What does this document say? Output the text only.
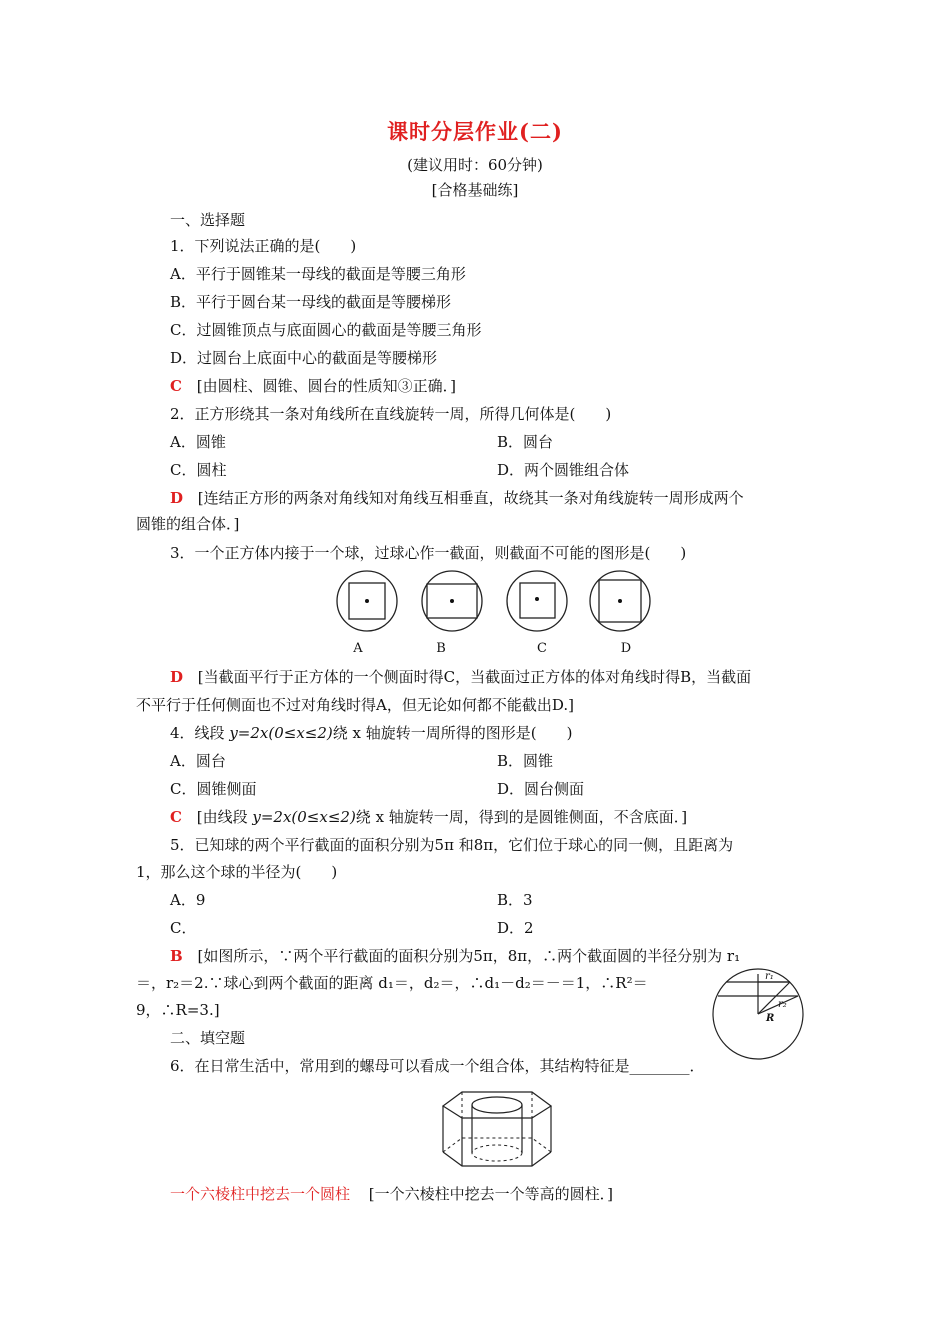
课时分层作业(二)
(建议用时：60分钟)
[合格基础练]
一、选择题
1．下列说法正确的是(　　)
A．平行于圆锥某一母线的截面是等腰三角形
B．平行于圆台某一母线的截面是等腰梯形
C．过圆锥顶点与底面圆心的截面是等腰三角形
D．过圆台上底面中心的截面是等腰梯形
C [由圆柱、圆锥、圆台的性质知③正确．]
2．正方形绕其一条对角线所在直线旋转一周，所得几何体是(　　)
A．圆锥	B．圆台
C．圆柱	D．两个圆锥组合体
D [连结正方形的两条对角线知对角线互相垂直，故绕其一条对角线旋转一周形成两个
圆锥的组合体．]
3．一个正方体内接于一个球，过球心作一截面，则截面不可能的图形是(　　)
A	B	C	D
D [当截面平行于正方体的一个侧面时得C，当截面过正方体的体对角线时得B，当截面
不平行于任何侧面也不过对角线时得A，但无论如何都不能截出D.]
4．线段 y=2x(0≤x≤2)绕 x 轴旋转一周所得的图形是(　　)
A．圆台	B．圆锥
C．圆锥侧面	D．圆台侧面
C [由线段 y=2x(0≤x≤2)绕 x 轴旋转一周，得到的是圆锥侧面，不含底面．]
5．已知球的两个平行截面的面积分别为5π 和8π，它们位于球心的同一侧，且距离为
1，那么这个球的半径为(　　)
A．9	B．3
C．	D．2
B [如图所示，∵两个平行截面的面积分别为5π，8π，∴两个截面圆的半径分别为 r₁
＝，r₂＝2.∵球心到两个截面的距离 d₁＝，d₂＝，∴d₁－d₂＝－＝1，∴R²＝
9，∴R=3.]
r₁
r₂
R
二、填空题
6．在日常生活中，常用到的螺母可以看成一个组合体，其结构特征是________．
一个六棱柱中挖去一个圆柱 [一个六棱柱中挖去一个等高的圆柱．]
